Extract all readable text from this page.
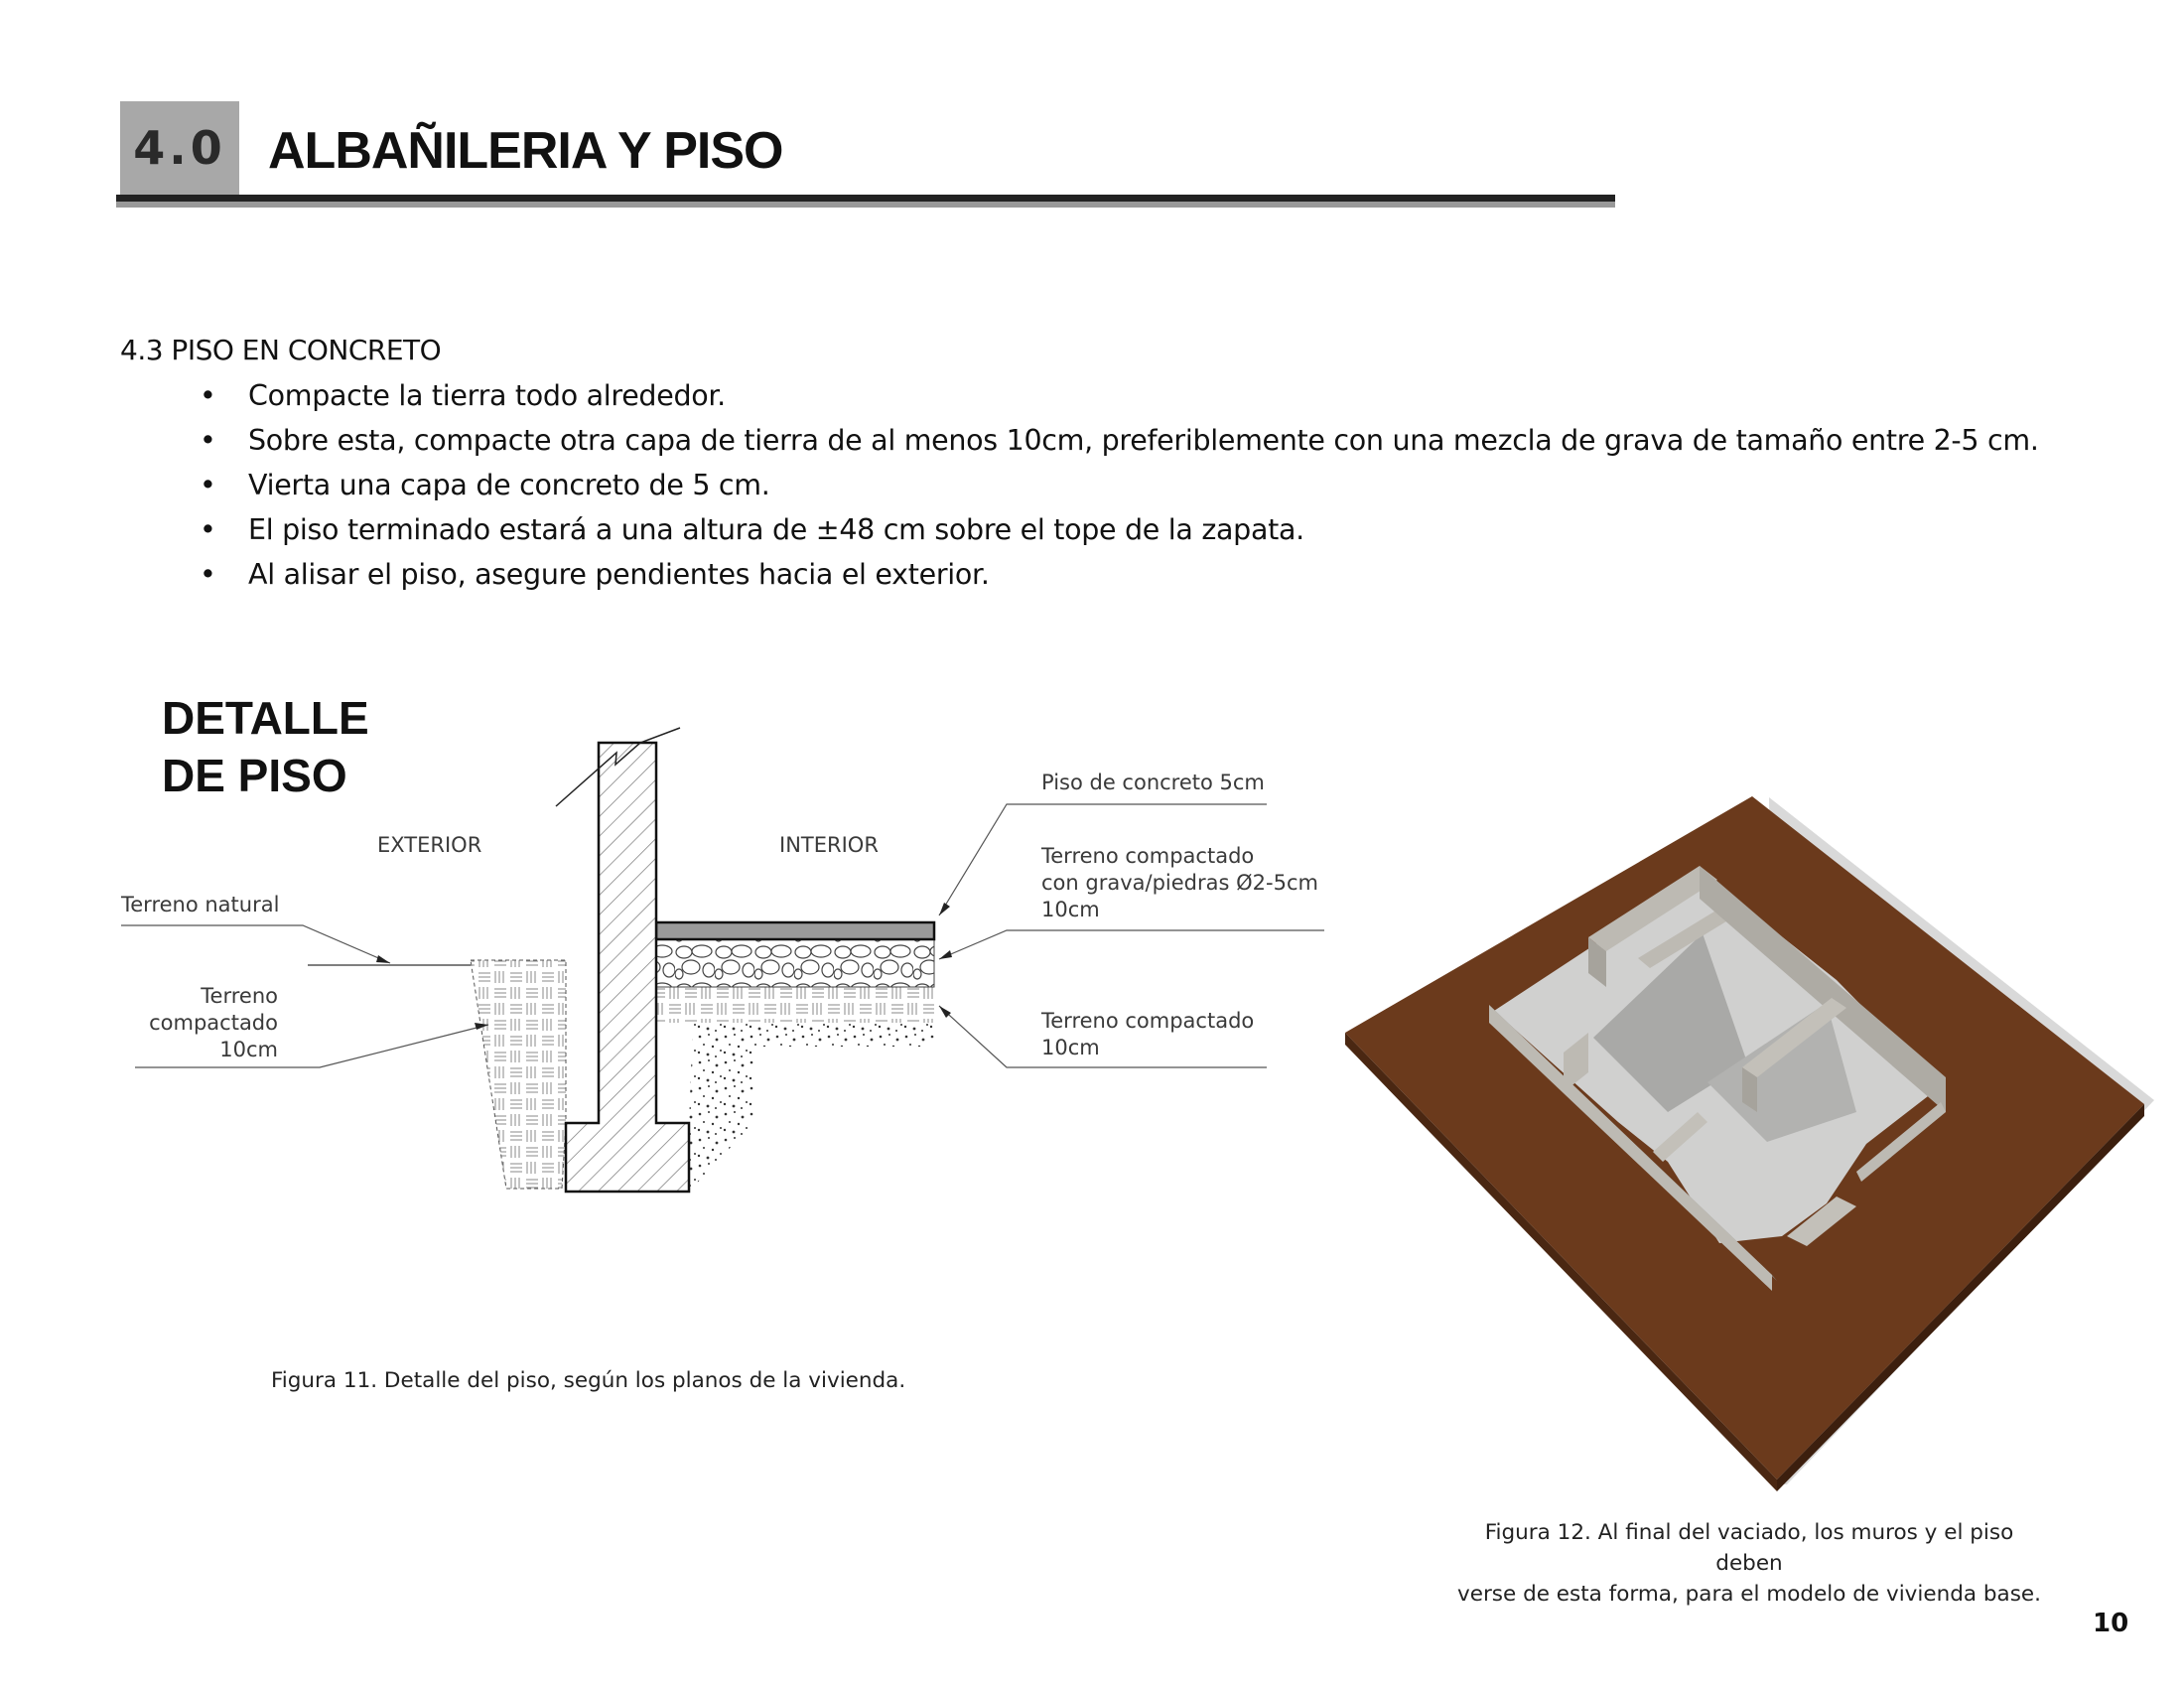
4.0 ALBAÑILERIA Y PISO
4.3 PISO EN CONCRETO
• Compacte la tierra todo alrededor.
• Sobre esta, compacte otra capa de tierra de al menos 10cm, preferiblemente con una mezcla de grava de tamaño entre 2-5 cm.
• Vierta una capa de concreto de 5 cm.
• El piso terminado estará a una altura de ±48 cm sobre el tope de la zapata.
• Al alisar el piso, asegure pendientes hacia el exterior.
DETALLE
DE PISO
EXTERIOR	INTERIOR
Terreno natural
Terreno
compactado
10cm
Piso de concreto 5cm
Terreno compactado
con grava/piedras Ø2-5cm
10cm
Terreno compactado
10cm
Figura 11. Detalle del piso, según los planos de la vivienda.
Figura 12. Al final del vaciado, los muros y el piso deben
verse de esta forma, para el modelo de vivienda base.
10
